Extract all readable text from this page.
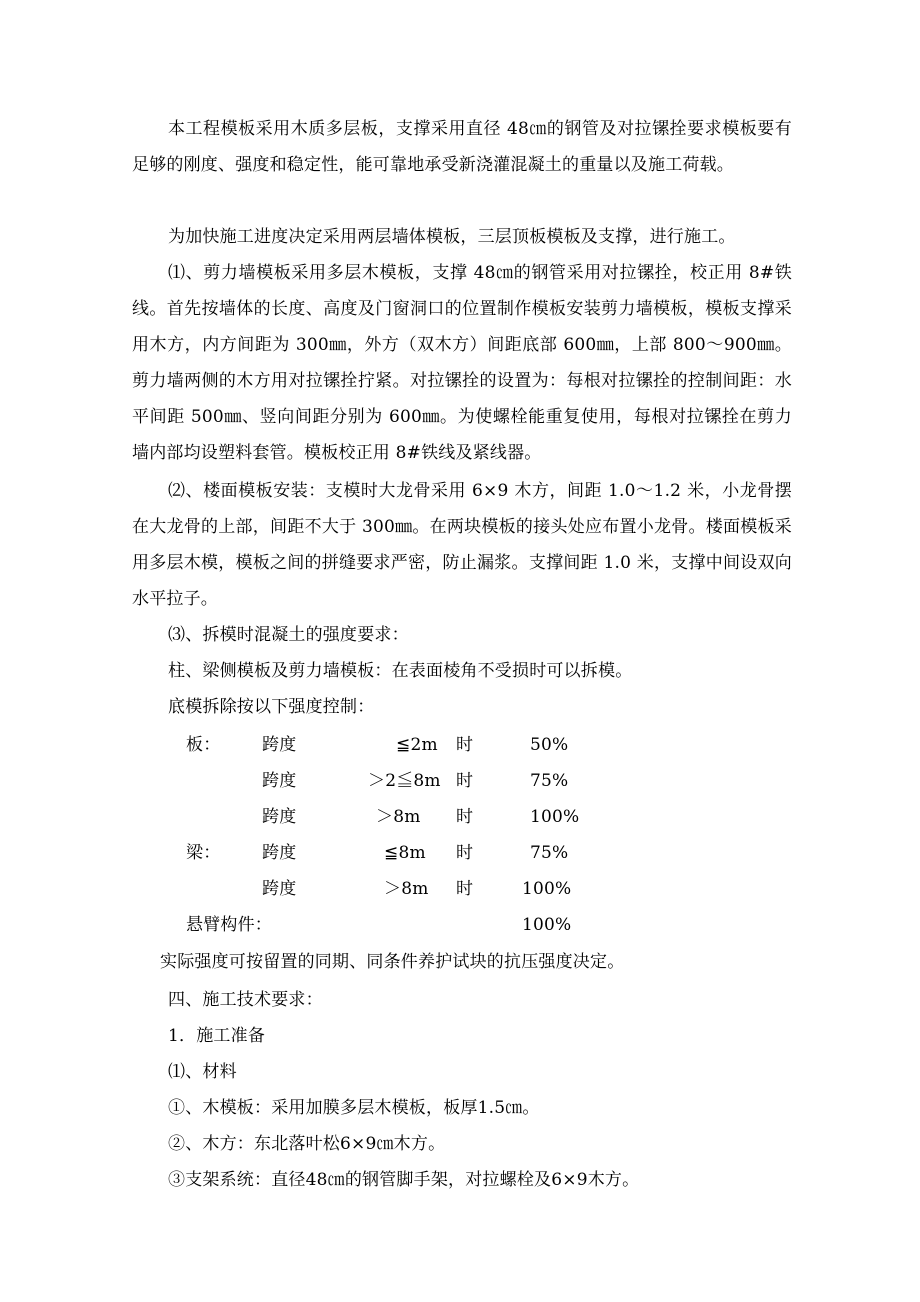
本工程模板采用木质多层板，支撑采用直径 48㎝的钢管及对拉镙拴要求模板要有足够的刚度、强度和稳定性，能可靠地承受新浇灌混凝土的重量以及施工荷载。

为加快施工进度决定采用两层墙体模板，三层顶板模板及支撑，进行施工。

⑴、剪力墙模板采用多层木模板，支撑 48㎝的钢管采用对拉镙拴，校正用 8#铁线。首先按墙体的长度、高度及门窗洞口的位置制作模板安装剪力墙模板，模板支撑采用木方，内方间距为 300㎜，外方（双木方）间距底部 600㎜，上部 800～900㎜。剪力墙两侧的木方用对拉镙拴拧紧。对拉镙拴的设置为：每根对拉镙拴的控制间距：水平间距 500㎜、竖向间距分别为 600㎜。为使螺栓能重复使用，每根对拉镙拴在剪力墙内部均设塑料套管。模板校正用 8#铁线及紧线器。

⑵、楼面模板安装：支模时大龙骨采用 6×9 木方，间距 1.0～1.2 米，小龙骨摆在大龙骨的上部，间距不大于 300㎜。在两块模板的接头处应布置小龙骨。楼面模板采用多层木模，模板之间的拼缝要求严密，防止漏浆。支撑间距 1.0 米，支撑中间设双向水平拉子。

⑶、拆模时混凝土的强度要求：

柱、梁侧模板及剪力墙模板：在表面棱角不受损时可以拆模。

底模拆除按以下强度控制：

板： 跨度	≦2m 时	50%
跨度	＞2≦8m 时	75%
跨度	＞8m 时	100%
梁： 跨度	≦8m 时	75%
跨度	＞8m 时	100%
悬臂构件：	100%

实际强度可按留置的同期、同条件养护试块的抗压强度决定。

四、施工技术要求：

1．施工准备

⑴、材料

①、木模板：采用加膜多层木模板，板厚1.5㎝。

②、木方：东北落叶松6×9㎝木方。

③支架系统：直径48㎝的钢管脚手架，对拉螺栓及6×9木方。
